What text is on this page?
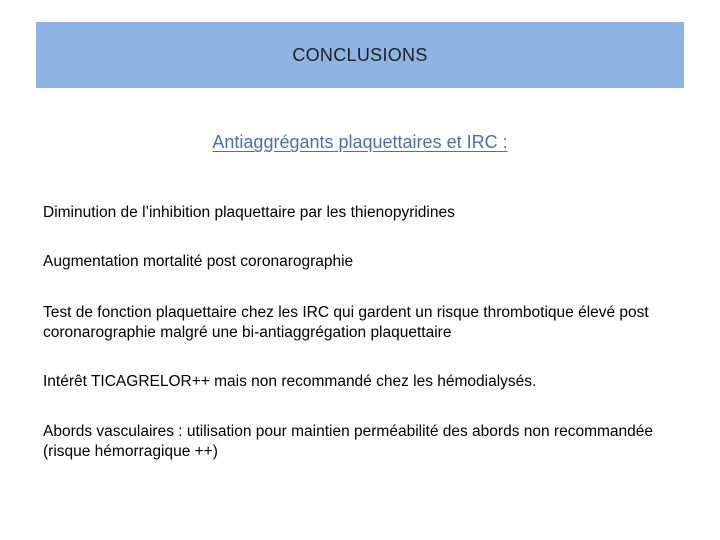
CONCLUSIONS
Antiaggrégants plaquettaires et IRC :

Diminution de l’inhibition plaquettaire par les thienopyridines

Augmentation mortalité post coronarographie

Test de fonction plaquettaire chez les IRC qui gardent un risque thrombotique élevé post coronarographie malgré une bi-antiaggrégation plaquettaire

Intérêt TICAGRELOR++ mais non recommandé chez les hémodialysés.

Abords vasculaires : utilisation pour maintien perméabilité des abords non recommandée (risque hémorragique ++)
